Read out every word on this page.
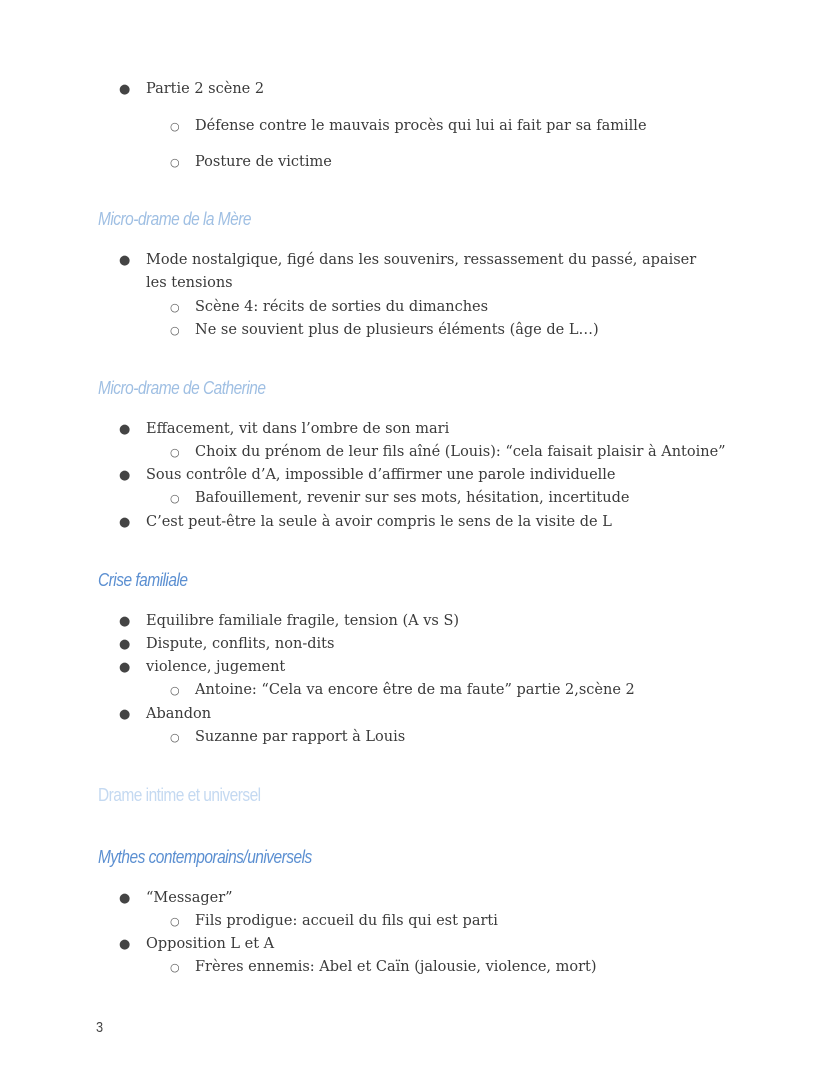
● Partie 2 scène 2
○ Défense contre le mauvais procès qui lui ai fait par sa famille
○ Posture de victime
Micro-drame de la Mère
● Mode nostalgique, figé dans les souvenirs, ressassement du passé, apaiser les tensions
○ Scène 4: récits de sorties du dimanches
○ Ne se souvient plus de plusieurs éléments (âge de L…)
Micro-drame de Catherine
● Effacement, vit dans l’ombre de son mari
○ Choix du prénom de leur fils aîné (Louis): “cela faisait plaisir à Antoine”
● Sous contrôle d’A, impossible d’affirmer une parole individuelle
○ Bafouillement, revenir sur ses mots, hésitation, incertitude
● C’est peut-être la seule à avoir compris le sens de la visite de L
Crise familiale
● Equilibre familiale fragile, tension (A vs S)
● Dispute, conflits, non-dits
● violence, jugement
○ Antoine: “Cela va encore être de ma faute” partie 2,scène 2
● Abandon
○ Suzanne par rapport à Louis
Drame intime et universel
Mythes contemporains/universels
● “Messager”
○ Fils prodigue: accueil du fils qui est parti
● Opposition L et A
○ Frères ennemis: Abel et Caïn (jalousie, violence, mort)
3
